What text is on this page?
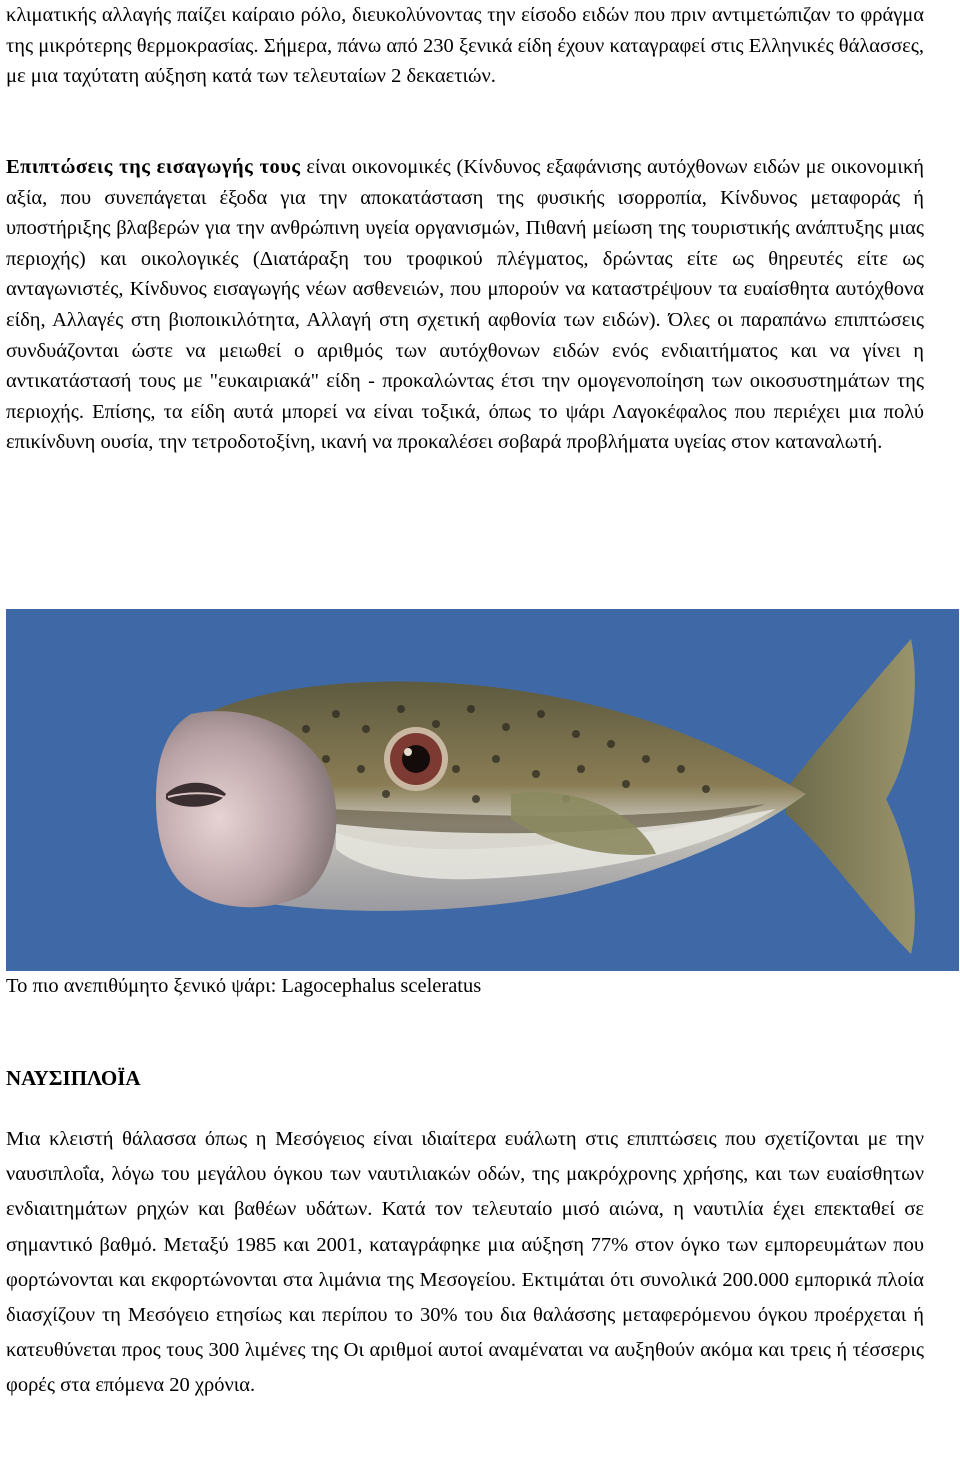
κλιματικής αλλαγής παίζει καίραιο ρόλο, διευκολύνοντας την είσοδο ειδών που πριν αντιμετώπιζαν το φράγμα της μικρότερης θερμοκρασίας. Σήμερα, πάνω από 230 ξενικά είδη έχουν καταγραφεί στις Ελληνικές θάλασσες, με μια ταχύτατη αύξηση κατά των τελευταίων 2 δεκαετιών.

Επιπτώσεις της εισαγωγής τους είναι οικονομικές (Κίνδυνος εξαφάνισης αυτόχθονων ειδών με οικονομική αξία, που συνεπάγεται έξοδα για την αποκατάσταση της φυσικής ισορροπία, Κίνδυνος μεταφοράς ή υποστήριξης βλαβερών για την ανθρώπινη υγεία οργανισμών, Πιθανή μείωση της τουριστικής ανάπτυξης μιας περιοχής) και οικολογικές (Διατάραξη του τροφικού πλέγματος, δρώντας είτε ως θηρευτές είτε ως ανταγωνιστές, Κίνδυνος εισαγωγής νέων ασθενειών, που μπορούν να καταστρέψουν τα ευαίσθητα αυτόχθονα είδη, Αλλαγές στη βιοποικιλότητα, Αλλαγή στη σχετική αφθονία των ειδών). Όλες οι παραπάνω επιπτώσεις συνδυάζονται ώστε να μειωθεί ο αριθμός των αυτόχθονων ειδών ενός ενδιαιτήματος και να γίνει η αντικατάστασή τους με "ευκαιριακά" είδη - προκαλώντας έτσι την ομογενοποίηση των οικοσυστημάτων της περιοχής. Επίσης, τα είδη αυτά μπορεί να είναι τοξικά, όπως το ψάρι Λαγοκέφαλος που περιέχει μια πολύ επικίνδυνη ουσία, την τετροδοτοξίνη, ικανή να προκαλέσει σοβαρά προβλήματα υγείας στον καταναλωτή.

Το πιο ανεπιθύμητο ξενικό ψάρι: Lagocephalus sceleratus
ΝΑΥΣΙΠΛΟΪΑ

Μια κλειστή θάλασσα όπως η Μεσόγειος είναι ιδιαίτερα ευάλωτη στις επιπτώσεις που σχετίζονται με την ναυσιπλοΐα, λόγω του μεγάλου όγκου των ναυτιλιακών οδών, της μακρόχρονης χρήσης, και των ευαίσθητων ενδιαιτημάτων ρηχών και βαθέων υδάτων. Κατά τον τελευταίο μισό αιώνα, η ναυτιλία έχει επεκταθεί σε σημαντικό βαθμό. Μεταξύ 1985 και 2001, καταγράφηκε μια αύξηση 77% στον όγκο των εμπορευμάτων που φορτώνονται και εκφορτώνονται στα λιμάνια της Μεσογείου. Εκτιμάται ότι συνολικά 200.000 εμπορικά πλοία διασχίζουν τη Μεσόγειο ετησίως και περίπου το 30% του δια θαλάσσης μεταφερόμενου όγκου προέρχεται ή κατευθύνεται προς τους 300 λιμένες της Οι αριθμοί αυτοί αναμέναται να αυξηθούν ακόμα και τρεις ή τέσσερις φορές στα επόμενα 20 χρόνια.
